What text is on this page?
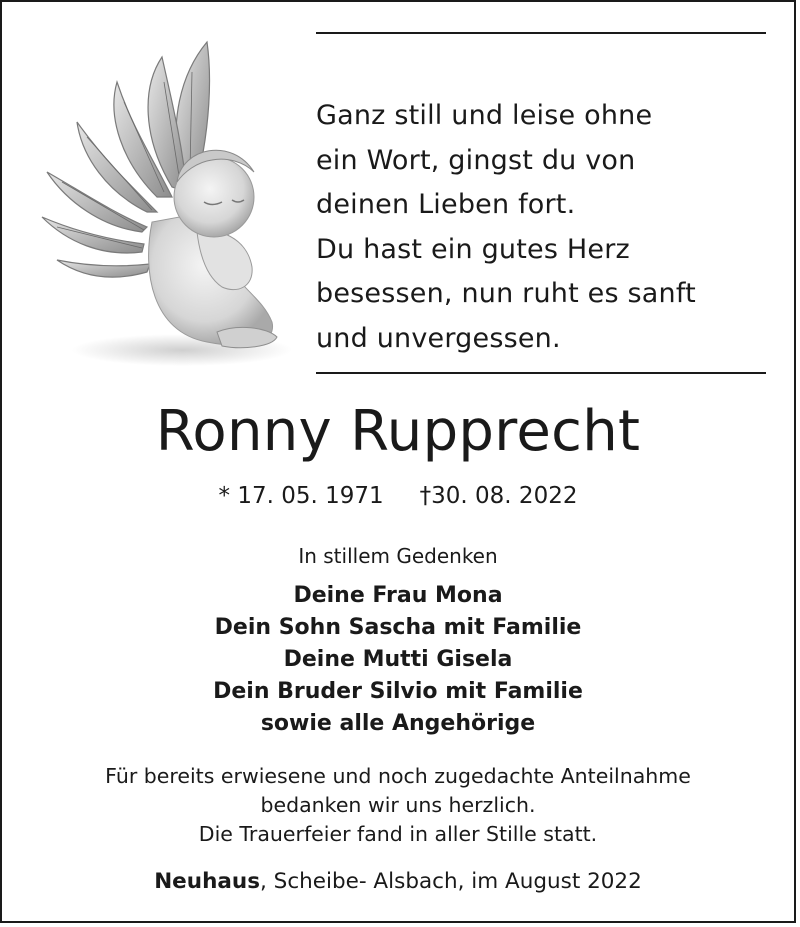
Ganz still und leise ohne
ein Wort, gingst du von
deinen Lieben fort.
Du hast ein gutes Herz
besessen, nun ruht es sanft
und unvergessen.
Ronny Rupprecht
* 17. 05. 1971 †30. 08. 2022
In stillem Gedenken
Deine Frau Mona
Dein Sohn Sascha mit Familie
Deine Mutti Gisela
Dein Bruder Silvio mit Familie
sowie alle Angehörige
Für bereits erwiesene und noch zugedachte Anteilnahme
bedanken wir uns herzlich.
Die Trauerfeier fand in aller Stille statt.
Neuhaus, Scheibe- Alsbach, im August 2022
